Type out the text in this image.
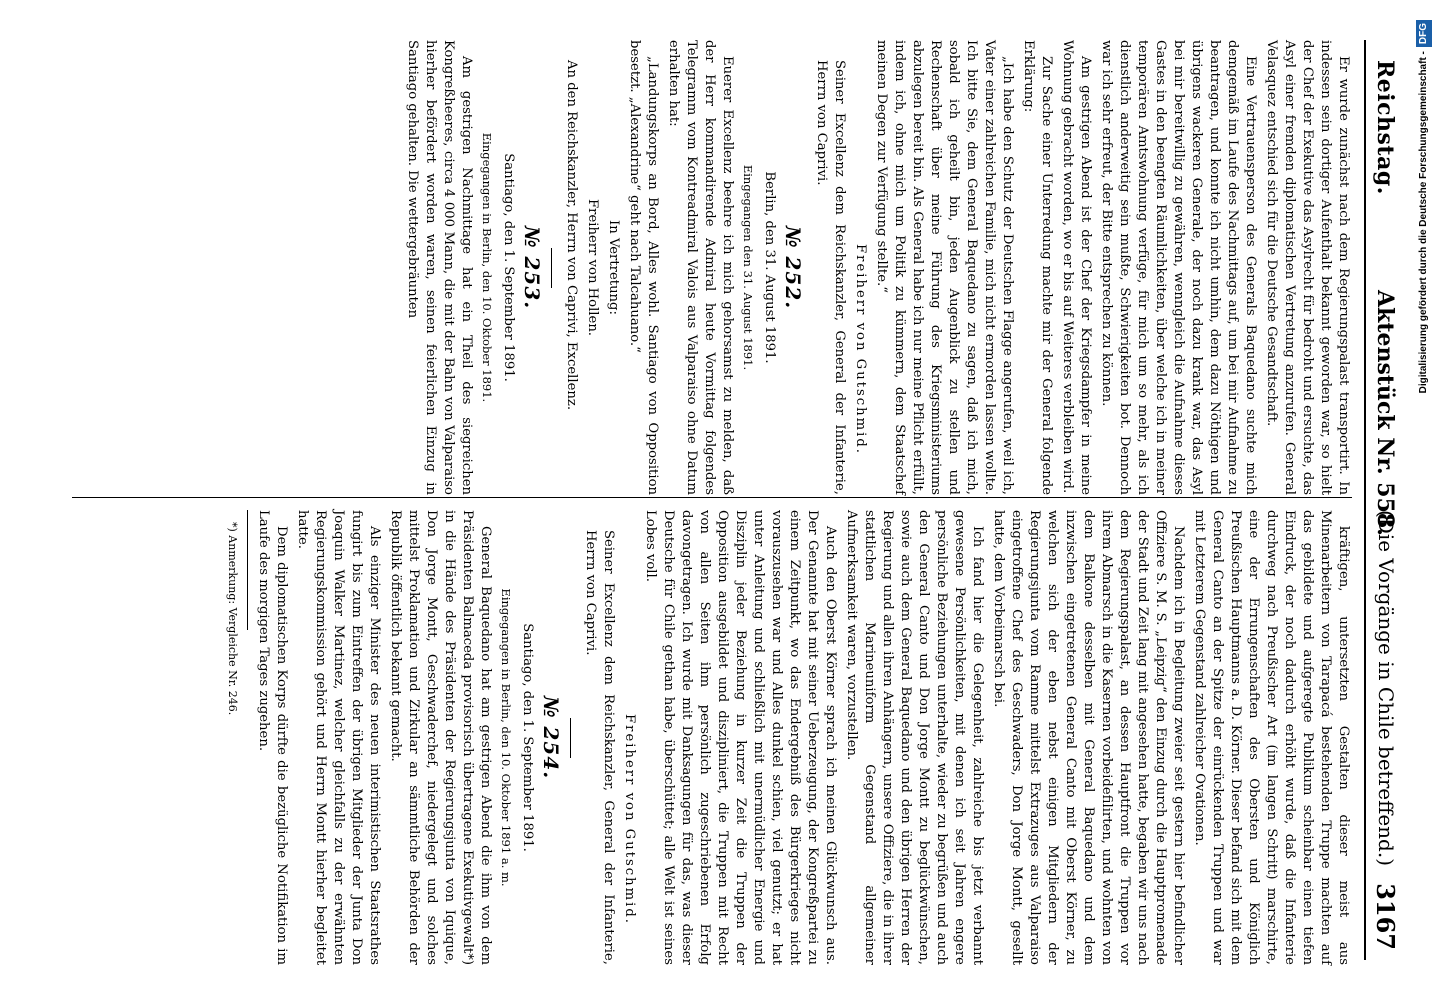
Reichstag.
Aktenstück Nr. 558.
(Die Vorgänge in Chile betreffend.)
3167

Er wurde zunächst nach dem Regierungspalast transportirt. In indessen sein dortiger Aufenthalt bekannt geworden war, so hielt der Chef der Exekutive das Asylrecht für bedroht und ersuchte, das Asyl einer fremden diplomatischen Vertretung anzurufen. General Velasquez entschied sich für die Deutsche Gesandtschaft.

Eine Vertrauensperson des Generals Baquedano suchte mich demgemäß im Laufe des Nachmittags auf, um bei mir Aufnahme zu beantragen, und konnte ich nicht umhin, dem dazu Nöthigen und übrigens wackeren Generale, der noch dazu krank war, das Asyl bei mir bereitwillig zu gewähren, wenngleich die Aufnahme dieses Gastes in den beengten Räumlichkeiten, über welche ich in meiner temporären Amtswohnung verfüge, für mich um so mehr, als ich dienstlich anderweitig sein mußte, Schwierigkeiten bot. Dennoch war ich sehr erfreut, der Bitte entsprechen zu können.

Am gestrigen Abend ist der Chef der Kriegsdampfer in meine Wohnung gebracht worden, wo er bis auf Weiteres verbleiben wird.

Zur Sache einer Unterredung machte mir der General folgende Erklärung:

„Ich habe den Schutz der Deutschen Flagge angerufen, weil ich, Vater einer zahlreichen Familie, mich nicht ermorden lassen wollte. Ich bitte Sie, dem General Baquedano zu sagen, daß ich mich, sobald ich geheilt bin, jeden Augenblick zu stellen und Rechenschaft über meine Führung des Kriegsministeriums abzulegen bereit bin. Als General habe ich nur meine Pflicht erfüllt, indem ich, ohne mich um Politik zu kümmern, dem Staatschef meinen Degen zur Verfügung stellte.“

Freiherr von Gutschmid.

Seiner Excellenz dem Reichskanzler, General der Infanterie, Herrn von Caprivi.

№ 252.

Berlin, den 31. August 1891.

Eingegangen den 31. August 1891.

Euerer Excellenz beehre ich mich gehorsamst zu melden, daß der Herr kommandirende Admiral heute Vormittag folgendes Telegramm vom Kontreadmiral Valois aus Valparaiso ohne Datum erhalten hat:

„Landungskorps an Bord, Alles wohl. Santiago von Opposition besetzt. „Alexandrine“ geht nach Talcahuano.“

In Vertretung:

Freiherr von Hollen.

An den Reichskanzler, Herrn von Caprivi, Excellenz.

№ 253.

Santiago, den 1. September 1891.

Eingegangen in Berlin, den 10. Oktober 1891.

Am gestrigen Nachmittage hat ein Theil des siegreichen Kongreßheeres, circa 4 000 Mann, die mit der Bahn von Valparaiso hierher befördert worden waren, seinen feierlichen Einzug in Santiago gehalten. Die wettergebräunten

kräftigen, untersetzten Gestalten dieser meist aus Minenarbeitern von Tarapacá bestehenden Truppe machten auf das gebildete und aufgeregte Publikum scheinbar einen tiefen Eindruck, der noch dadurch erhöht wurde, daß die Infanterie durchweg nach Preußischer Art (im langen Schritt) marschirte, eine der Errungenschaften des Obersten und Königlich Preußischen Hauptmanns a. D. Körner. Dieser befand sich mit dem General Canto an der Spitze der einrückenden Truppen und war mit Letzterem Gegenstand zahlreicher Ovationen.

Nachdem ich in Begleitung zweier seit gestern hier befindlicher Offiziere S. M. S. „Leipzig“ den Einzug durch die Hauptpromenade der Stadt und Zeit lang mit angesehen hatte, begaben wir uns nach dem Regierungspalast, an dessen Hauptfront die Truppen vor ihrem Abmarsch in die Kasernen vorbeidefilirten, und wohnten von dem Balkone desselben mit General Baquedano und dem inzwischen eingetretenen General Canto mit Oberst Körner, zu welchen sich der eben nebst einigen Mitgliedern der Regierungsjunta vom Ramme mittelst Extrazuges aus Valparaiso eingetroffene Chef des Geschwaders, Don Jorge Montt, gesellt hatte, dem Vorbeimarsch bei.

Ich fand hier die Gelegenheit, zahlreiche bis jetzt verbannt gewesene Persönlichkeiten, mit denen ich seit Jahren engere persönliche Beziehungen unterhalte, wieder zu begrüßen und auch den General Canto und Don Jorge Montt zu beglückwünschen, sowie auch dem General Baquedano und den übrigen Herren der Regierung und allen ihren Anhängern, unsere Offiziere, die in ihrer stattlichen Marineuniform Gegenstand allgemeiner Aufmerksamkeit waren, vorzustellen.

Auch den Oberst Körner sprach ich meinen Glückwunsch aus. Der Genannte hat mit seiner Ueberzeugung, der Kongreßpartei zu einem Zeitpunkt, wo das Endergebniß des Bürgerkrieges nicht vorauszusehen war und Alles dunkel schien, viel genutzt; er hat unter Anleitung und schließlich mit unermüdlicher Energie und Disziplin jeder Beziehung in kurzer Zeit die Truppen der Opposition ausgebildet und diszipliniert, die Truppen mit Recht von allen Seiten ihm persönlich zugeschriebenen Erfolg davongetragen. Ich wurde mit Danksagungen für das, was dieser Deutsche für Chile gethan habe, überschüttet; alle Welt ist seines Lobes voll.

Freiherr von Gutschmid.

Seiner Excellenz dem Reichskanzler, General der Infanterie, Herrn von Caprivi.

№ 254.

Santiago, den 1. September 1891.

Eingegangen in Berlin, den 10. Oktober 1891 a. m.

General Baquedano hat am gestrigen Abend die ihm von dem Präsidenten Balmaceda provisorisch übertragene Exekutivgewalt*) in die Hände des Präsidenten der Regierungsjunta von Iquique, Don Jorge Montt, Geschwaderchef, niedergelegt und solches mittelst Proklamation und Zirkular an sämmtliche Behörden der Republik öffentlich bekannt gemacht.

Als einziger Minister des neuen interimistischen Staatsrathes fungirt bis zum Eintreffen der übrigen Mitglieder der Junta Don Joaquin Walker Martinez, welcher gleichfalls zu der erwähnten Regierungskommission gehört und Herrn Montt hierher begleitet hatte.

Dem diplomatischen Korps dürfte die bezügliche Notifikation im Laufe des morgigen Tages zugehen.

*) Anmerkung: Vergleiche Nr. 246.

Digitalisierung gefördert durch die Deutsche Forschungsgemeinschaft -DFG
